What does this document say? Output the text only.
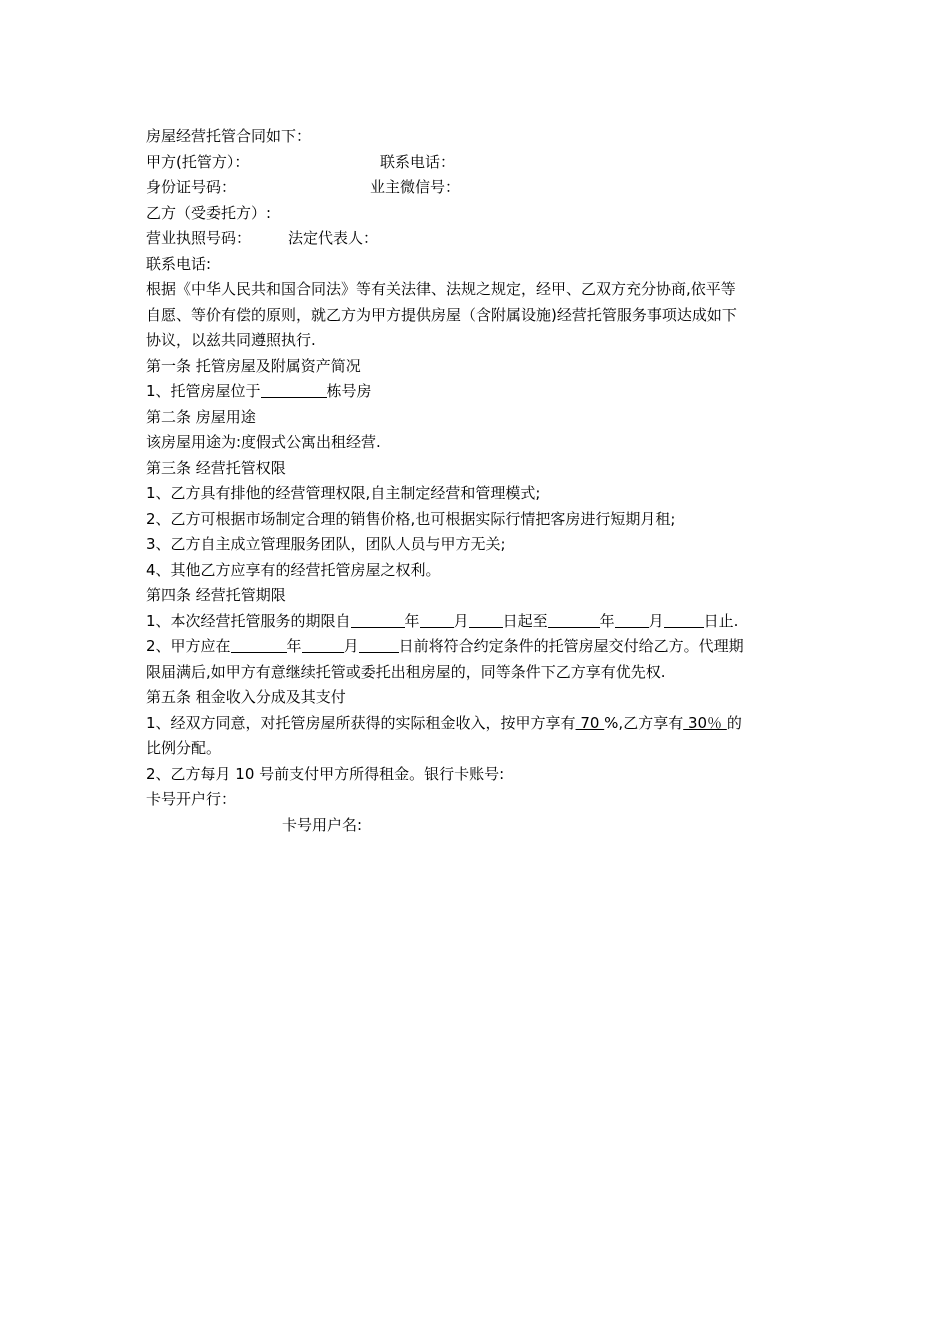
房屋经营托管合同如下：
甲方(托管方）：	联系电话：
身份证号码：	业主微信号：
乙方（受委托方）:
营业执照号码： 法定代表人：
联系电话:
根据《中华人民共和国合同法》等有关法律、法规之规定，经甲、乙双方充分协商,依平等
自愿、等价有偿的原则，就乙方为甲方提供房屋（含附属设施)经营托管服务事项达成如下
协议，以兹共同遵照执行.
第一条 托管房屋及附属资产简况
1、托管房屋位于	栋号房
第二条 房屋用途
该房屋用途为:度假式公寓出租经营.
第三条 经营托管权限
1、乙方具有排他的经营管理权限,自主制定经营和管理模式;
2、乙方可根据市场制定合理的销售价格,也可根据实际行情把客房进行短期月租;
3、乙方自主成立管理服务团队，团队人员与甲方无关;
4、其他乙方应享有的经营托管房屋之权利。
第四条 经营托管期限
1、本次经营托管服务的期限自	年 月 日起至	年 月	日止.
2、甲方应在	年	月	日前将符合约定条件的托管房屋交付给乙方。代理期
限届满后,如甲方有意继续托管或委托出租房屋的，同等条件下乙方享有优先权.
第五条 租金收入分成及其支付
1、经双方同意，对托管房屋所获得的实际租金收入，按甲方享有 70 %,乙方享有 30％ 的
比例分配。
2、乙方每月 10 号前支付甲方所得租金。银行卡账号:
卡号开户行：
卡号用户名:
